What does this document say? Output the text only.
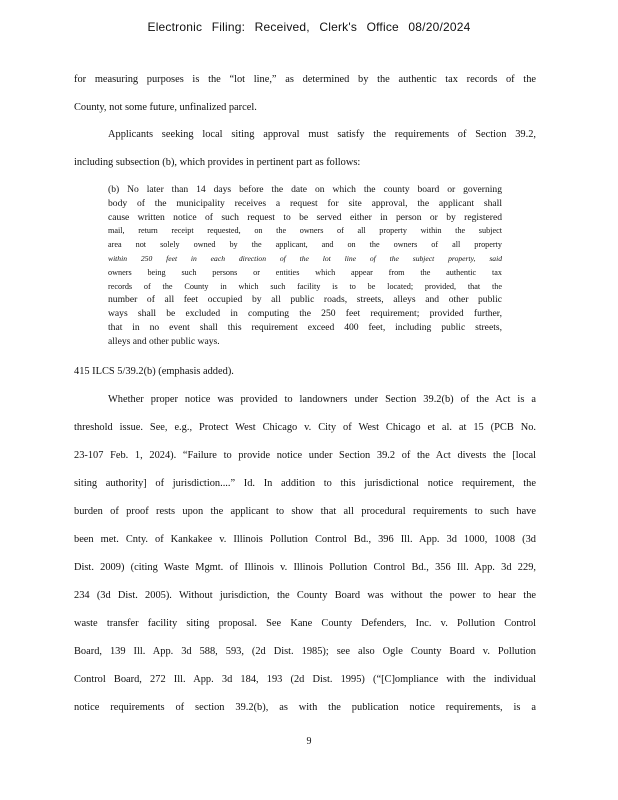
Electronic Filing: Received, Clerk's Office 08/20/2024
for measuring purposes is the “lot line,” as determined by the authentic tax records of the
County, not some future, unfinalized parcel.
Applicants seeking local siting approval must satisfy the requirements of Section 39.2,
including subsection (b), which provides in pertinent part as follows:
(b) No later than 14 days before the date on which the county board or governing
body of the municipality receives a request for site approval, the applicant shall
cause written notice of such request to be served either in person or by registered
mail, return receipt requested, on the owners of all property within the subject
area not solely owned by the applicant, and on the owners of all property
within 250 feet in each direction of the lot line of the subject property, said
owners being such persons or entities which appear from the authentic tax
records of the County in which such facility is to be located; provided, that the
number of all feet occupied by all public roads, streets, alleys and other public
ways shall be excluded in computing the 250 feet requirement; provided further,
that in no event shall this requirement exceed 400 feet, including public streets,
alleys and other public ways.
415 ILCS 5/39.2(b) (emphasis added).
Whether proper notice was provided to landowners under Section 39.2(b) of the Act is a
threshold issue. See, e.g., Protect West Chicago v. City of West Chicago et al. at 15 (PCB No.
23-107 Feb. 1, 2024). “Failure to provide notice under Section 39.2 of the Act divests the [local
siting authority] of jurisdiction....” Id. In addition to this jurisdictional notice requirement, the
burden of proof rests upon the applicant to show that all procedural requirements to such have
been met. Cnty. of Kankakee v. Illinois Pollution Control Bd., 396 Ill. App. 3d 1000, 1008 (3d
Dist. 2009) (citing Waste Mgmt. of Illinois v. Illinois Pollution Control Bd., 356 Ill. App. 3d 229,
234 (3d Dist. 2005). Without jurisdiction, the County Board was without the power to hear the
waste transfer facility siting proposal. See Kane County Defenders, Inc. v. Pollution Control
Board, 139 Ill. App. 3d 588, 593, (2d Dist. 1985); see also Ogle County Board v. Pollution
Control Board, 272 Ill. App. 3d 184, 193 (2d Dist. 1995) (“[C]ompliance with the individual
notice requirements of section 39.2(b), as with the publication notice requirements, is a
9
